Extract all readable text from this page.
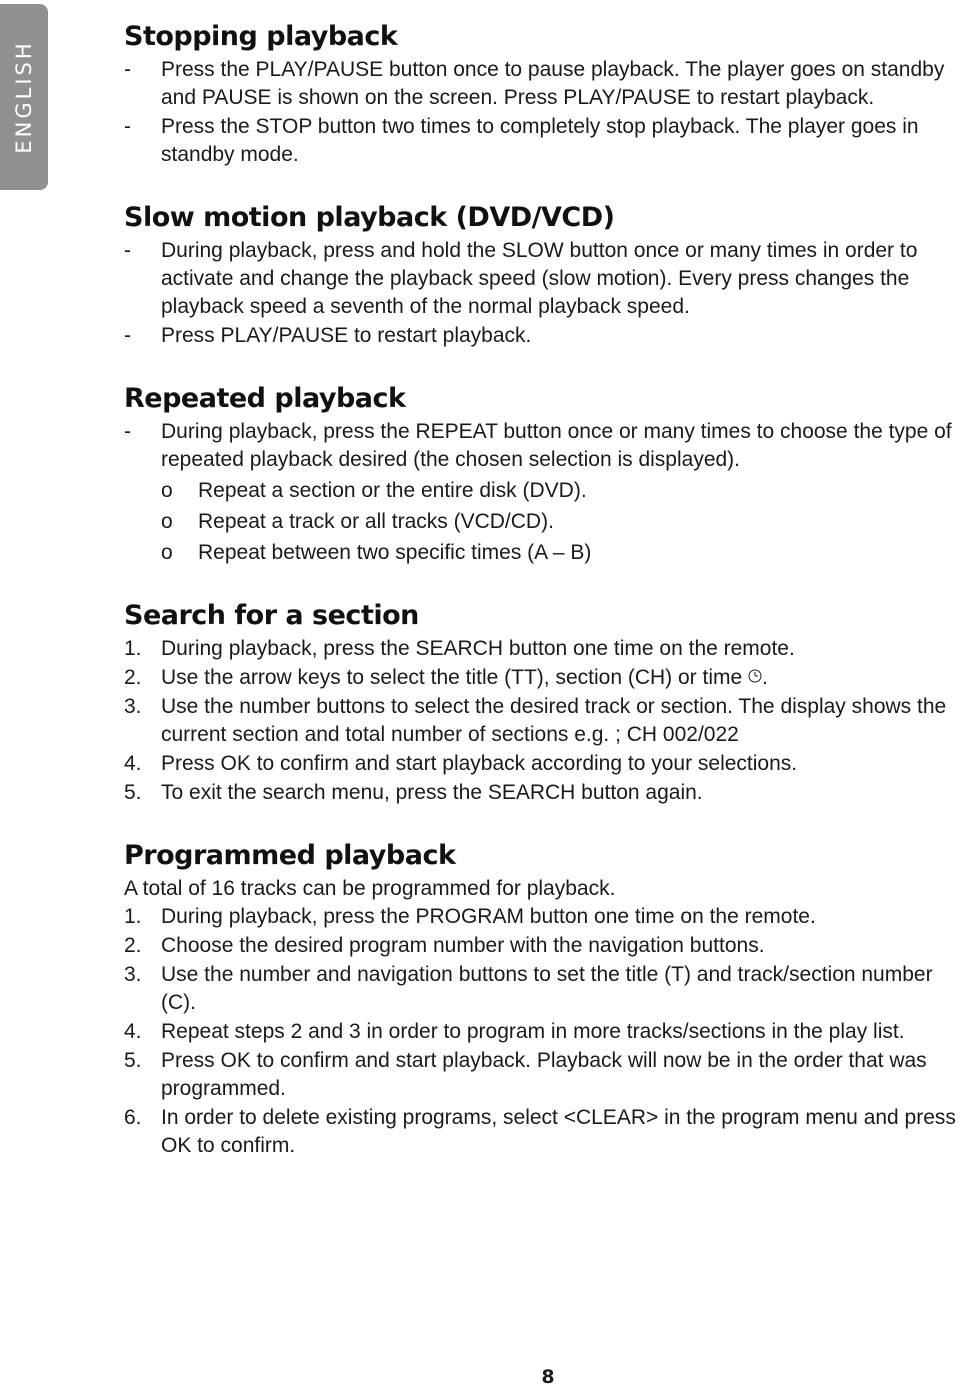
ENGLISH
Stopping playback
-	Press the PLAY/PAUSE button once to pause playback. The player goes on standby and PAUSE is shown on the screen. Press PLAY/PAUSE to restart playback.
-	Press the STOP button two times to completely stop playback. The player goes in standby mode.
Slow motion playback (DVD/VCD)
-	During playback, press and hold the SLOW button once or many times in order to activate and change the playback speed (slow motion). Every press changes the playback speed a seventh of the normal playback speed.
-	Press PLAY/PAUSE to restart playback.
Repeated playback
-	During playback, press the REPEAT button once or many times to choose the type of repeated playback desired (the chosen selection is displayed).
o	Repeat a section or the entire disk (DVD).
o	Repeat a track or all tracks (VCD/CD).
o	Repeat between two specific times (A – B)
Search for a section
1. During playback, press the SEARCH button one time on the remote.
2. Use the arrow keys to select the title (TT), section (CH) or time .
3. Use the number buttons to select the desired track or section. The display shows the current section and total number of sections e.g. ; CH 002/022
4. Press OK to confirm and start playback according to your selections.
5. To exit the search menu, press the SEARCH button again.
Programmed playback
A total of 16 tracks can be programmed for playback.
1. During playback, press the PROGRAM button one time on the remote.
2. Choose the desired program number with the navigation buttons.
3. Use the number and navigation buttons to set the title (T) and track/section number (C).
4. Repeat steps 2 and 3 in order to program in more tracks/sections in the play list.
5. Press OK to confirm and start playback. Playback will now be in the order that was programmed.
6. In order to delete existing programs, select <CLEAR> in the program menu and press OK to confirm.
8
